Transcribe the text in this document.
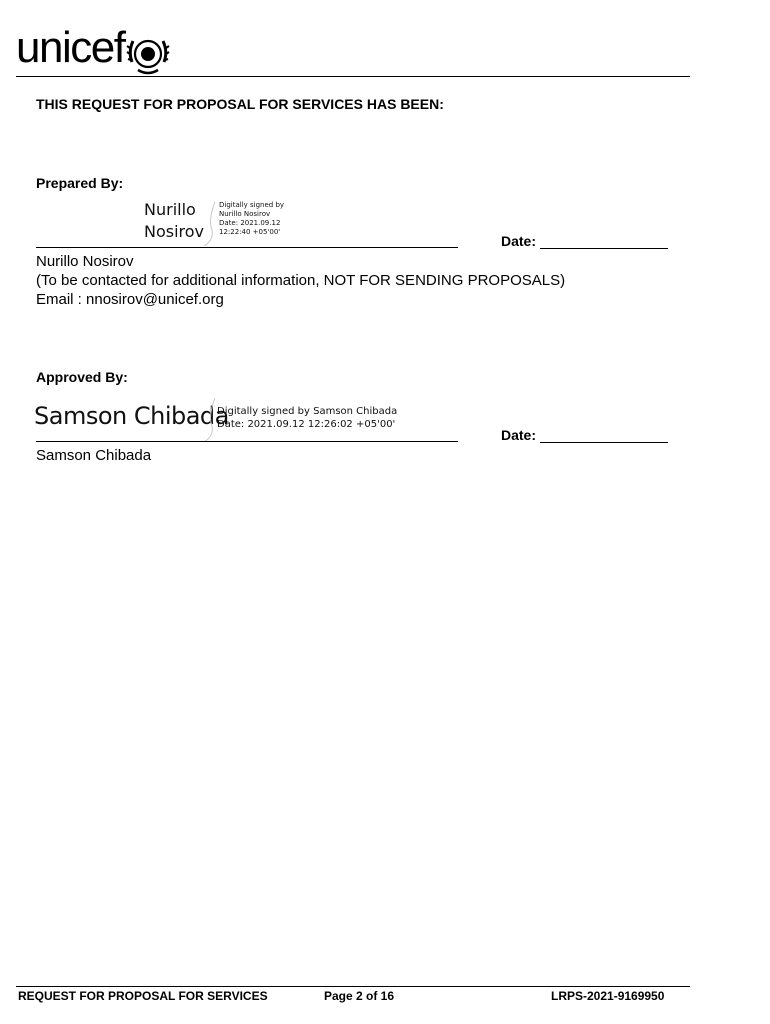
unicef
THIS REQUEST FOR PROPOSAL FOR SERVICES HAS BEEN:
Prepared By:
Nurillo
Nosirov
Digitally signed by
Nurillo Nosirov
Date: 2021.09.12
12:22:40 +05'00'
Date:
Nurillo Nosirov
(To be contacted for additional information, NOT FOR SENDING PROPOSALS)
Email : nnosirov@unicef.org
Approved By:
Samson Chibada
Digitally signed by Samson Chibada
Date: 2021.09.12 12:26:02 +05'00'
Date:
Samson Chibada
REQUEST FOR PROPOSAL FOR SERVICES	Page 2 of 16	LRPS-2021-9169950
